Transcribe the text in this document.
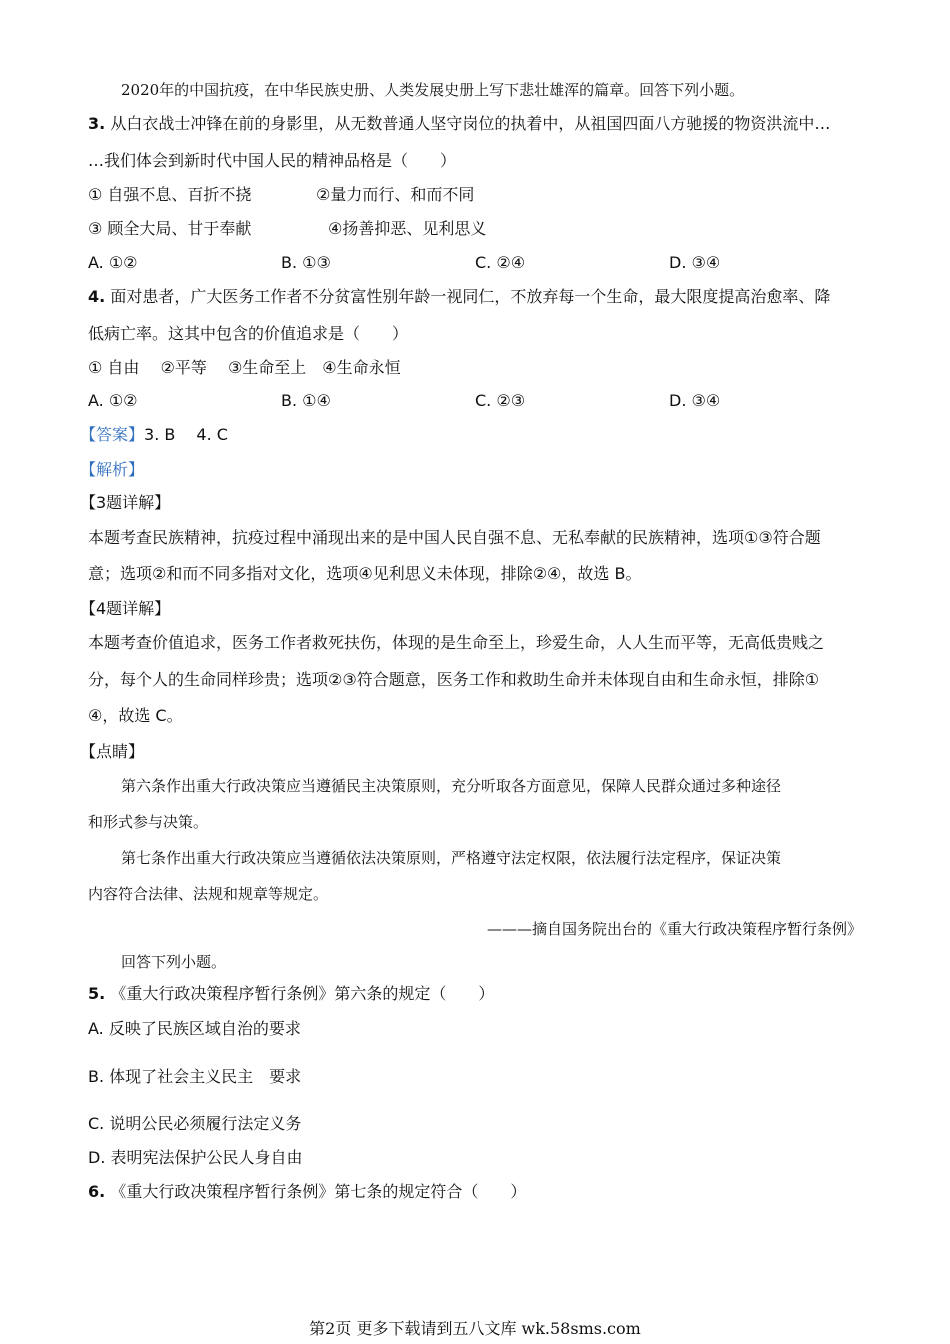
2020年的中国抗疫，在中华民族史册、人类发展史册上写下悲壮雄浑的篇章。回答下列小题。
3. 从白衣战士冲锋在前的身影里，从无数普通人坚守岗位的执着中，从祖国四面八方驰援的物资洪流中…
…我们体会到新时代中国人民的精神品格是（　　）
① 自强不息、百折不挠	②量力而行、和而不同
③ 顾全大局、甘于奉献	④扬善抑恶、见利思义
A. ①②	B. ①③	C. ②④	D. ③④
4. 面对患者，广大医务工作者不分贫富性别年龄一视同仁，不放弃每一个生命，最大限度提高治愈率、降
低病亡率。这其中包含的价值追求是（　　）
① 自由　 ②平等　 ③生命至上　④生命永恒
A. ①②	B. ①④	C. ②③	D. ③④
【答案】3. B　 4. C
【解析】
【3题详解】
本题考查民族精神，抗疫过程中涌现出来的是中国人民自强不息、无私奉献的民族精神，选项①③符合题
意；选项②和而不同多指对文化，选项④见利思义未体现，排除②④，故选 B。
【4题详解】
本题考查价值追求，医务工作者救死扶伤，体现的是生命至上，珍爱生命，人人生而平等，无高低贵贱之
分，每个人的生命同样珍贵；选项②③符合题意，医务工作和救助生命并未体现自由和生命永恒，排除①
④，故选 C。
【点睛】
第六条作出重大行政决策应当遵循民主决策原则，充分听取各方面意见，保障人民群众通过多种途径
和形式参与决策。
第七条作出重大行政决策应当遵循依法决策原则，严格遵守法定权限，依法履行法定程序，保证决策
内容符合法律、法规和规章等规定。
———摘自国务院出台的《重大行政决策程序暂行条例》
回答下列小题。
5. 《重大行政决策程序暂行条例》第六条的规定（　　）
A. 反映了民族区域自治的要求
B. 体现了社会主义民主　要求
C. 说明公民必须履行法定义务
D. 表明宪法保护公民人身自由
6. 《重大行政决策程序暂行条例》第七条的规定符合（　　）
第2页 更多下载请到五八文库 wk.58sms.com
